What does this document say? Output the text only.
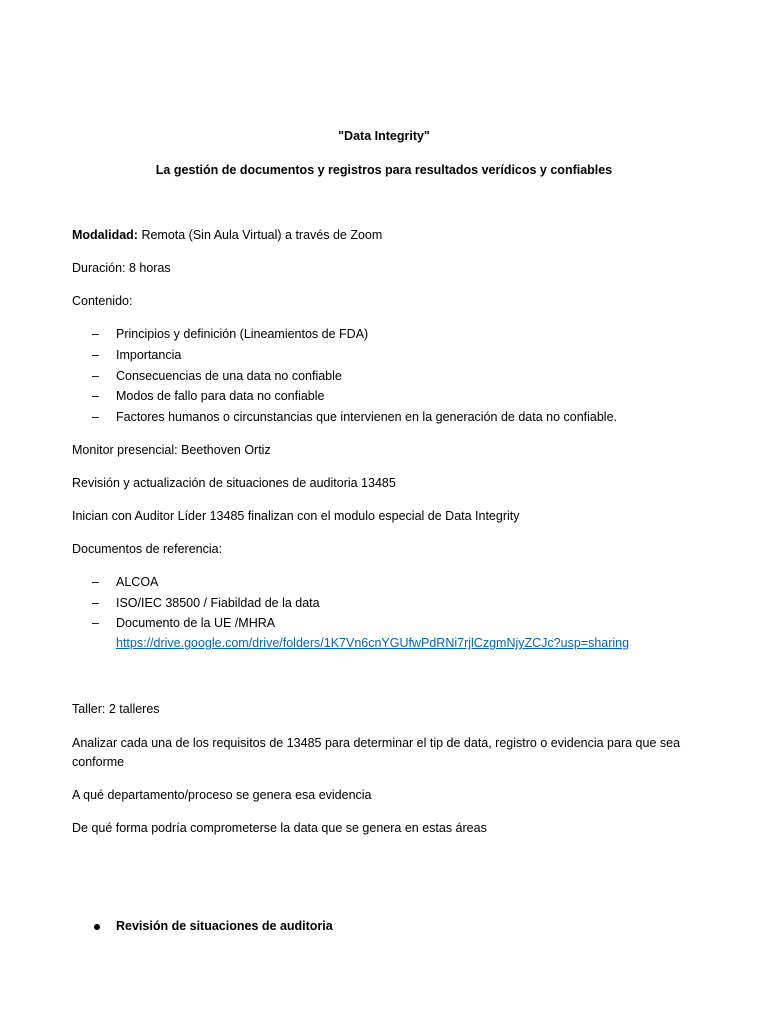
"Data Integrity"
La gestión de documentos y registros para resultados verídicos y confiables
Modalidad: Remota (Sin Aula Virtual) a través de Zoom
Duración: 8 horas
Contenido:
– Principios y definición (Lineamientos de FDA)
– Importancia
– Consecuencias de una data no confiable
– Modos de fallo para data no confiable
– Factores humanos o circunstancias que intervienen en la generación de data no confiable.
Monitor presencial: Beethoven Ortiz
Revisión y actualización de situaciones de auditoria 13485
Inician con Auditor Líder 13485 finalizan con el modulo especial de Data Integrity
Documentos de referencia:
– ALCOA
– ISO/IEC 38500 / Fiabildad de la data
– Documento de la UE /MHRA
https://drive.google.com/drive/folders/1K7Vn6cnYGUfwPdRNi7rjlCzgmNjyZCJc?usp=sharing
Taller: 2 talleres
Analizar cada una de los requisitos de 13485 para determinar el tip de data, registro o evidencia para que sea
conforme
A qué departamento/proceso se genera esa evidencia
De qué forma podría comprometerse la data que se genera en estas áreas
Revisión de situaciones de auditoria
